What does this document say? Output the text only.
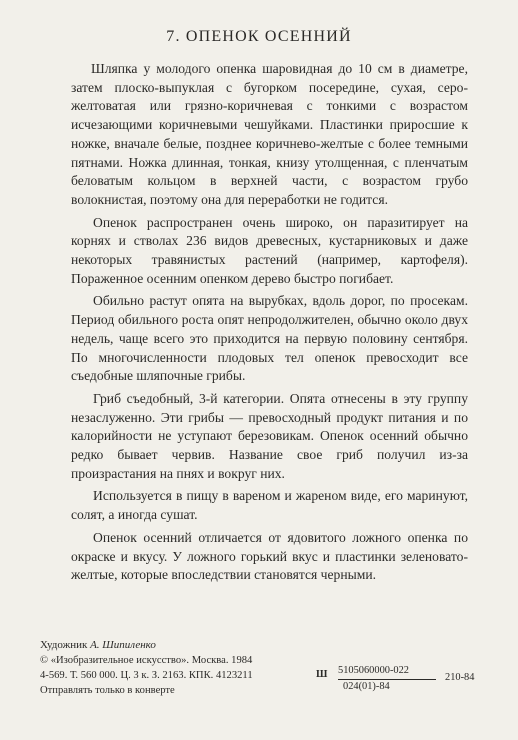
7. ОПЕНОК ОСЕННИЙ

Шляпка у молодого опенка шаровидная до 10 см в диаметре, затем плоско-выпуклая с бугорком посередине, сухая, серо-желтоватая или грязно-коричневая с тонкими с возрастом исчезающими коричневыми чешуйками. Пластинки приросшие к ножке, вначале белые, позднее коричнево-желтые с более темными пятнами. Ножка длинная, тонкая, книзу утолщенная, с пленчатым беловатым кольцом в верхней части, с возрастом грубо волокнистая, поэтому она для переработки не годится.

Опенок распространен очень широко, он паразитирует на корнях и стволах 236 видов древесных, кустарниковых и даже некоторых травянистых растений (например, картофеля). Пораженное осенним опенком дерево быстро погибает.

Обильно растут опята на вырубках, вдоль дорог, по просекам. Период обильного роста опят непродолжителен, обычно около двух недель, чаще всего это приходится на первую половину сентября. По многочисленности плодовых тел опенок превосходит все съедобные шляпочные грибы.

Гриб съедобный, 3-й категории. Опята отнесены в эту группу незаслуженно. Эти грибы — превосходный продукт питания и по калорийности не уступают березовикам. Опенок осенний обычно редко бывает червив. Название свое гриб получил из-за произрастания на пнях и вокруг них.

Используется в пищу в вареном и жареном виде, его маринуют, солят, а иногда сушат.

Опенок осенний отличается от ядовитого ложного опенка по окраске и вкусу. У ложного горький вкус и пластинки зеленовато-желтые, которые впоследствии становятся черными.

Художник А. Шипиленко
© «Изобразительное искусство». Москва. 1984
4-569. Т. 560 000. Ц. 3 к. З. 2163. КПК. 4123211
Отправлять только в конверте
Ш 5105060000-022
024(01)-84
210-84
